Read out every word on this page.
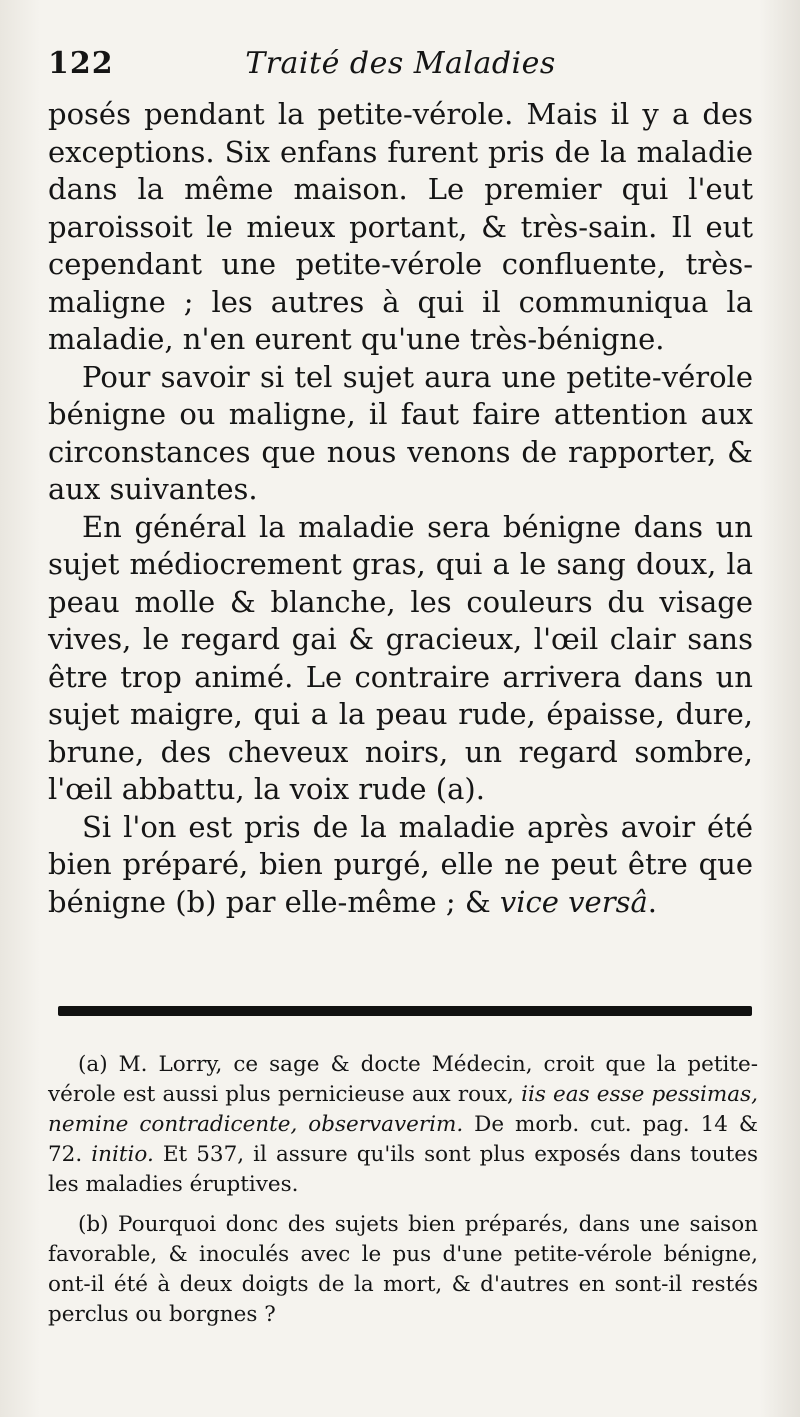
122	Traité des Maladies

posés pendant la petite-vérole. Mais il y a des exceptions. Six enfans furent pris de la maladie dans la même maison. Le premier qui l'eut paroissoit le mieux portant, & très-sain. Il eut cependant une petite-vérole confluente, très-maligne ; les autres à qui il communiqua la maladie, n'en eurent qu'une très-bénigne.

Pour savoir si tel sujet aura une petite-vérole bénigne ou maligne, il faut faire attention aux circonstances que nous venons de rapporter, & aux suivantes.

En général la maladie sera bénigne dans un sujet médiocrement gras, qui a le sang doux, la peau molle & blanche, les couleurs du visage vives, le regard gai & gracieux, l'œil clair sans être trop animé. Le contraire arrivera dans un sujet maigre, qui a la peau rude, épaisse, dure, brune, des cheveux noirs, un regard sombre, l'œil abbattu, la voix rude (a).

Si l'on est pris de la maladie après avoir été bien préparé, bien purgé, elle ne peut être que bénigne (b) par elle-même ; & vice versâ.

(a) M. Lorry, ce sage & docte Médecin, croit que la petite-vérole est aussi plus pernicieuse aux roux, iis eas esse pessimas, nemine contradicente, observaverim. De morb. cut. pag. 14 & 72. initio. Et 537, il assure qu'ils sont plus exposés dans toutes les maladies éruptives.

(b) Pourquoi donc des sujets bien préparés, dans une saison favorable, & inoculés avec le pus d'une petite-vérole bénigne, ont-il été à deux doigts de la mort, & d'autres en sont-il restés perclus ou borgnes ?
